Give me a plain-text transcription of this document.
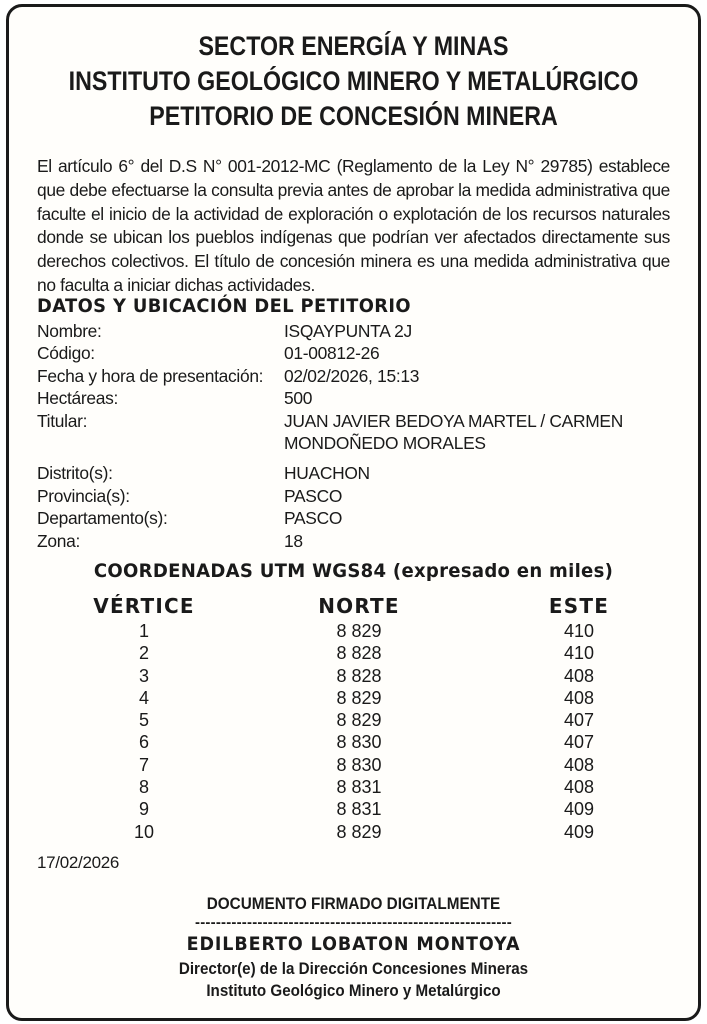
SECTOR ENERGÍA Y MINAS
INSTITUTO GEOLÓGICO MINERO Y METALÚRGICO
PETITORIO DE CONCESIÓN MINERA
El artículo 6° del D.S N° 001-2012-MC (Reglamento de la Ley N° 29785) establece que debe efectuarse la consulta previa antes de aprobar la medida administrativa que faculte el inicio de la actividad de exploración o explotación de los recursos naturales donde se ubican los pueblos indígenas que podrían ver afectados directamente sus derechos colectivos. El título de concesión minera es una medida administrativa que no faculta a iniciar dichas actividades.
DATOS Y UBICACIÓN DEL PETITORIO
Nombre:	ISQAYPUNTA 2J
Código:	01-00812-26
Fecha y hora de presentación:	02/02/2026, 15:13
Hectáreas:	500
Titular:	JUAN JAVIER BEDOYA MARTEL / CARMEN MONDOÑEDO MORALES
Distrito(s):	HUACHON
Provincia(s):	PASCO
Departamento(s):	PASCO
Zona:	18
COORDENADAS UTM WGS84 (expresado en miles)
VÉRTICE	NORTE	ESTE
1	8 829	410
2	8 828	410
3	8 828	408
4	8 829	408
5	8 829	407
6	8 830	407
7	8 830	408
8	8 831	408
9	8 831	409
10	8 829	409
17/02/2026
DOCUMENTO FIRMADO DIGITALMENTE
-------------------------------------------------------------
EDILBERTO LOBATON MONTOYA
Director(e) de la Dirección Concesiones Mineras
Instituto Geológico Minero y Metalúrgico
